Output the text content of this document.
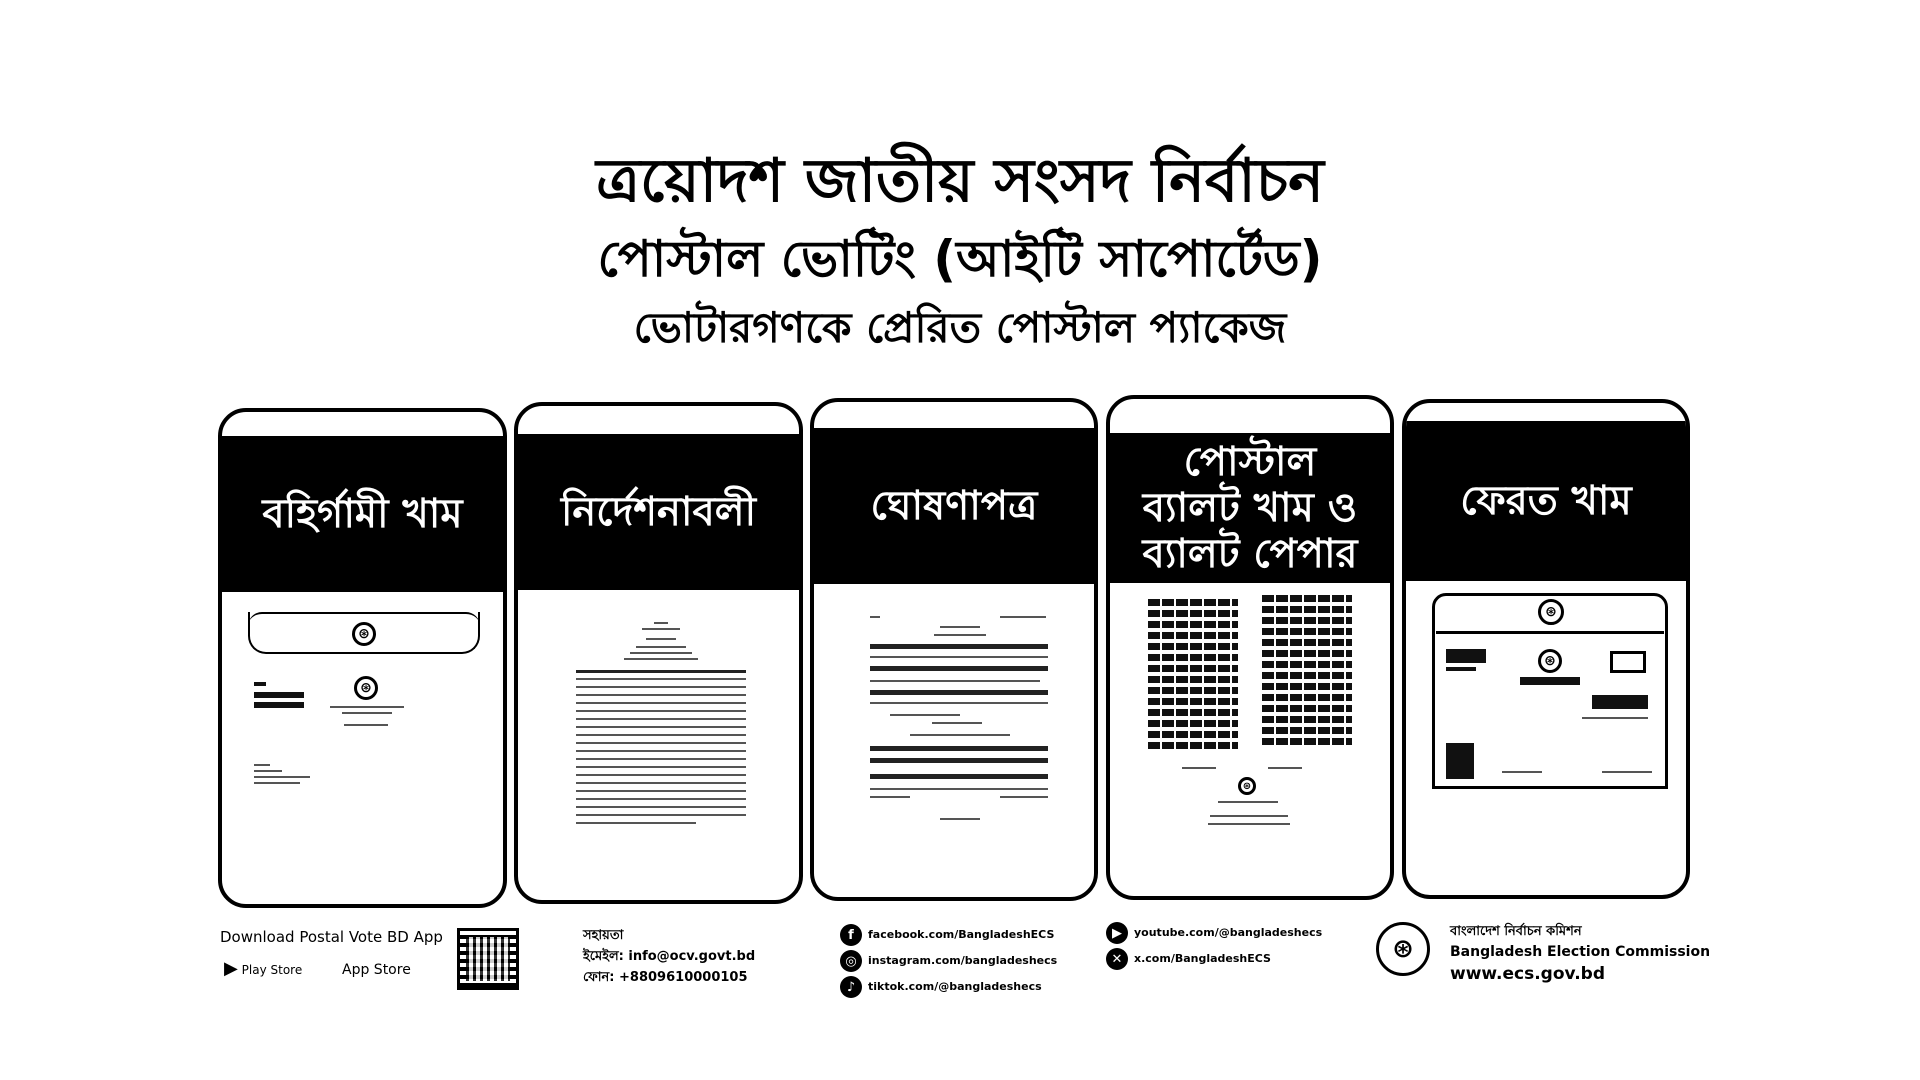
ত্রয়োদশ জাতীয় সংসদ নির্বাচন
পোস্টাল ভোটিং (আইটি সাপোর্টেড)
ভোটারগণকে প্রেরিত পোস্টাল প্যাকেজ
বহির্গামী খাম
⊛
⊛
নির্দেশনাবলী	ঘোষণাপত্র
পোস্টাল
ব্যালট খাম ও
ব্যালট পেপার
⊛
ফেরত খাম
⊛
⊛
Download Postal Vote BD App
▶ Play Store	App Store
সহায়তা
ইমেইল: info@ocv.govt.bd
ফোন: +8809610000105
f facebook.com/BangladeshECS
◎ instagram.com/bangladeshecs
♪ tiktok.com/@bangladeshecs
▶ youtube.com/@bangladeshecs
✕ x.com/BangladeshECS	⊛
বাংলাদেশ নির্বাচন কমিশন
Bangladesh Election Commission
www.ecs.gov.bd
